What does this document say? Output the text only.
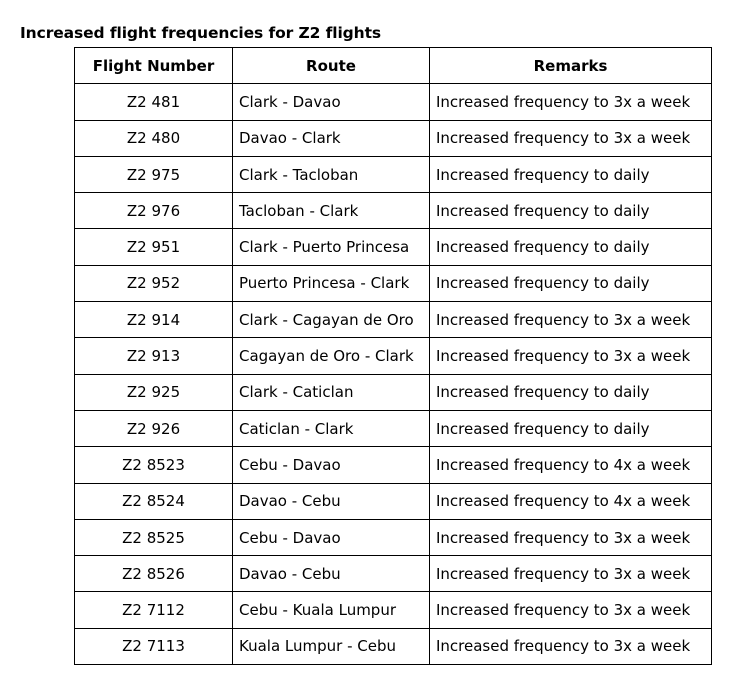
Increased flight frequencies for Z2 flights
Flight Number	Route	Remarks
Z2 481	Clark - Davao	Increased frequency to 3x a week
Z2 480	Davao - Clark	Increased frequency to 3x a week
Z2 975	Clark - Tacloban	Increased frequency to daily
Z2 976	Tacloban - Clark	Increased frequency to daily
Z2 951	Clark - Puerto Princesa	Increased frequency to daily
Z2 952	Puerto Princesa - Clark	Increased frequency to daily
Z2 914	Clark - Cagayan de Oro	Increased frequency to 3x a week
Z2 913	Cagayan de Oro - Clark	Increased frequency to 3x a week
Z2 925	Clark - Caticlan	Increased frequency to daily
Z2 926	Caticlan - Clark	Increased frequency to daily
Z2 8523	Cebu - Davao	Increased frequency to 4x a week
Z2 8524	Davao - Cebu	Increased frequency to 4x a week
Z2 8525	Cebu - Davao	Increased frequency to 3x a week
Z2 8526	Davao - Cebu	Increased frequency to 3x a week
Z2 7112	Cebu - Kuala Lumpur	Increased frequency to 3x a week
Z2 7113	Kuala Lumpur - Cebu	Increased frequency to 3x a week
